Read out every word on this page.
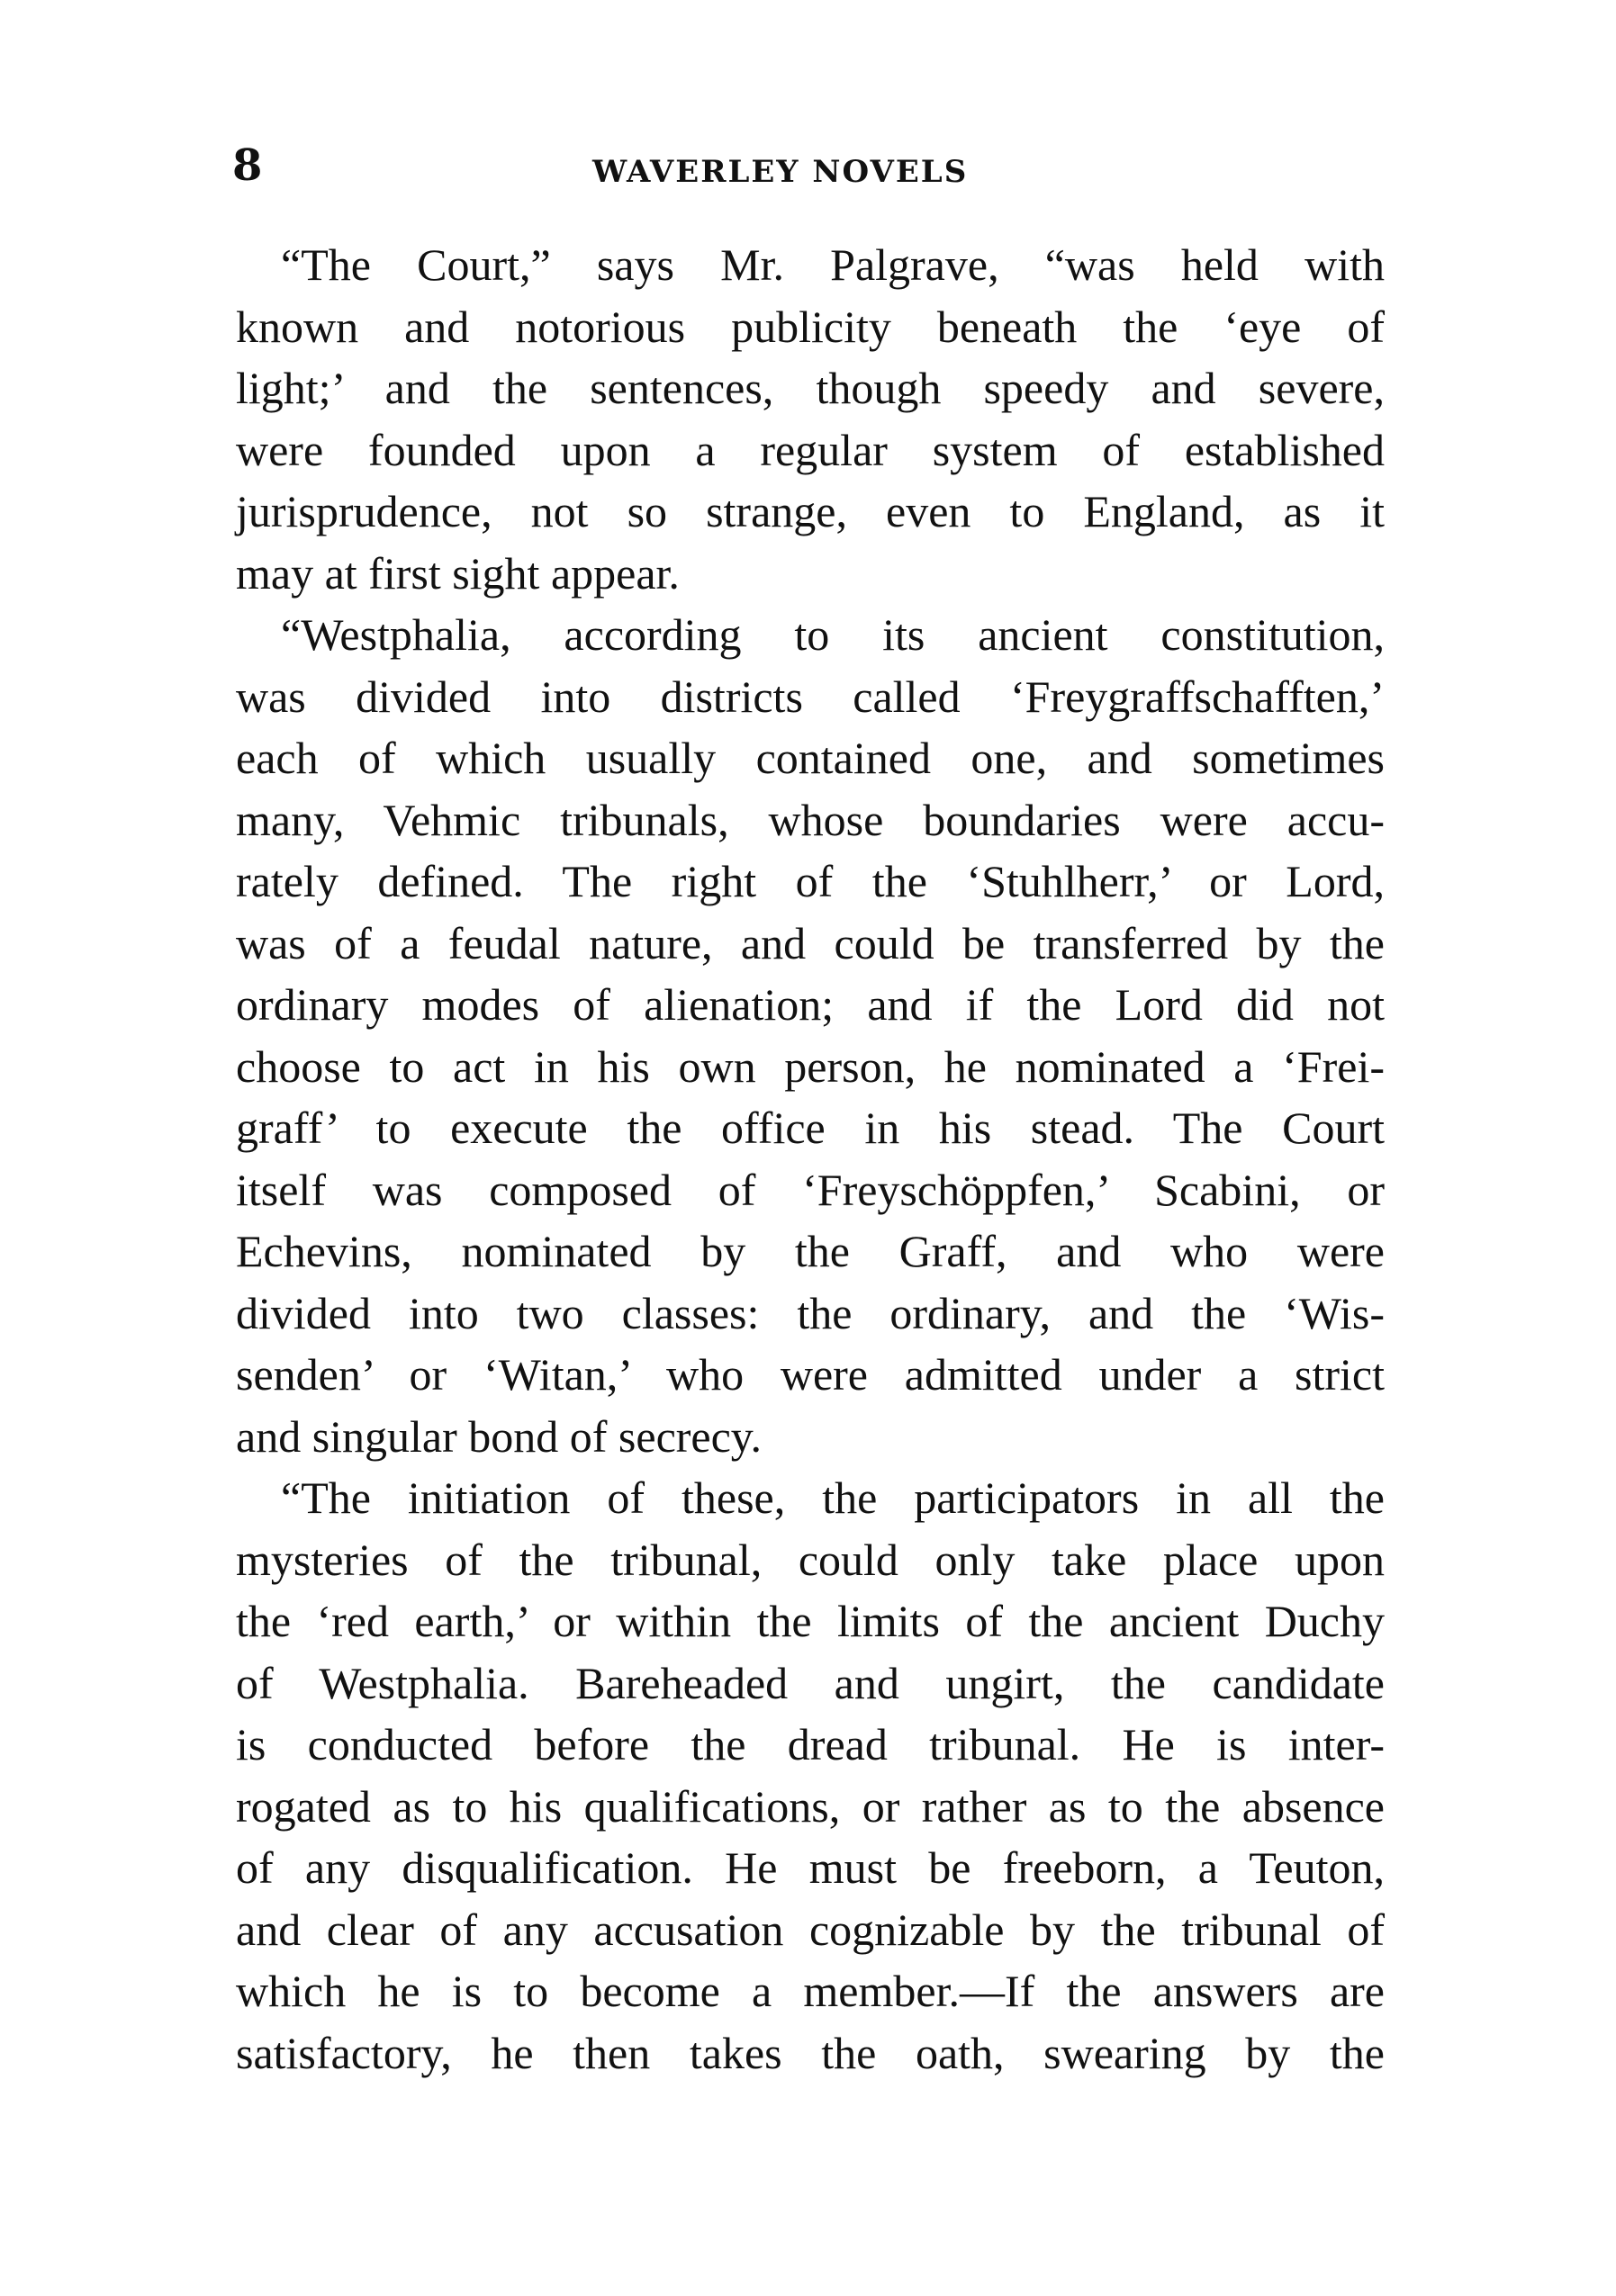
8	WAVERLEY NOVELS
“The Court,” says Mr. Palgrave, “was held with
known and notorious publicity beneath the ‘eye of
light;’ and the sentences, though speedy and severe,
were founded upon a regular system of established
jurisprudence, not so strange, even to England, as it
may at first sight appear.
“Westphalia, according to its ancient constitution,
was divided into districts called ‘Freygraffschafften,’
each of which usually contained one, and sometimes
many, Vehmic tribunals, whose boundaries were accu-
rately defined. The right of the ‘Stuhlherr,’ or Lord,
was of a feudal nature, and could be transferred by the
ordinary modes of alienation; and if the Lord did not
choose to act in his own person, he nominated a ‘Frei-
graff’ to execute the office in his stead. The Court
itself was composed of ‘Freyschöppfen,’ Scabini, or
Echevins, nominated by the Graff, and who were
divided into two classes: the ordinary, and the ‘Wis-
senden’ or ‘Witan,’ who were admitted under a strict
and singular bond of secrecy.
“The initiation of these, the participators in all the
mysteries of the tribunal, could only take place upon
the ‘red earth,’ or within the limits of the ancient Duchy
of Westphalia. Bareheaded and ungirt, the candidate
is conducted before the dread tribunal. He is inter-
rogated as to his qualifications, or rather as to the absence
of any disqualification. He must be freeborn, a Teuton,
and clear of any accusation cognizable by the tribunal of
which he is to become a member.—If the answers are
satisfactory, he then takes the oath, swearing by the
